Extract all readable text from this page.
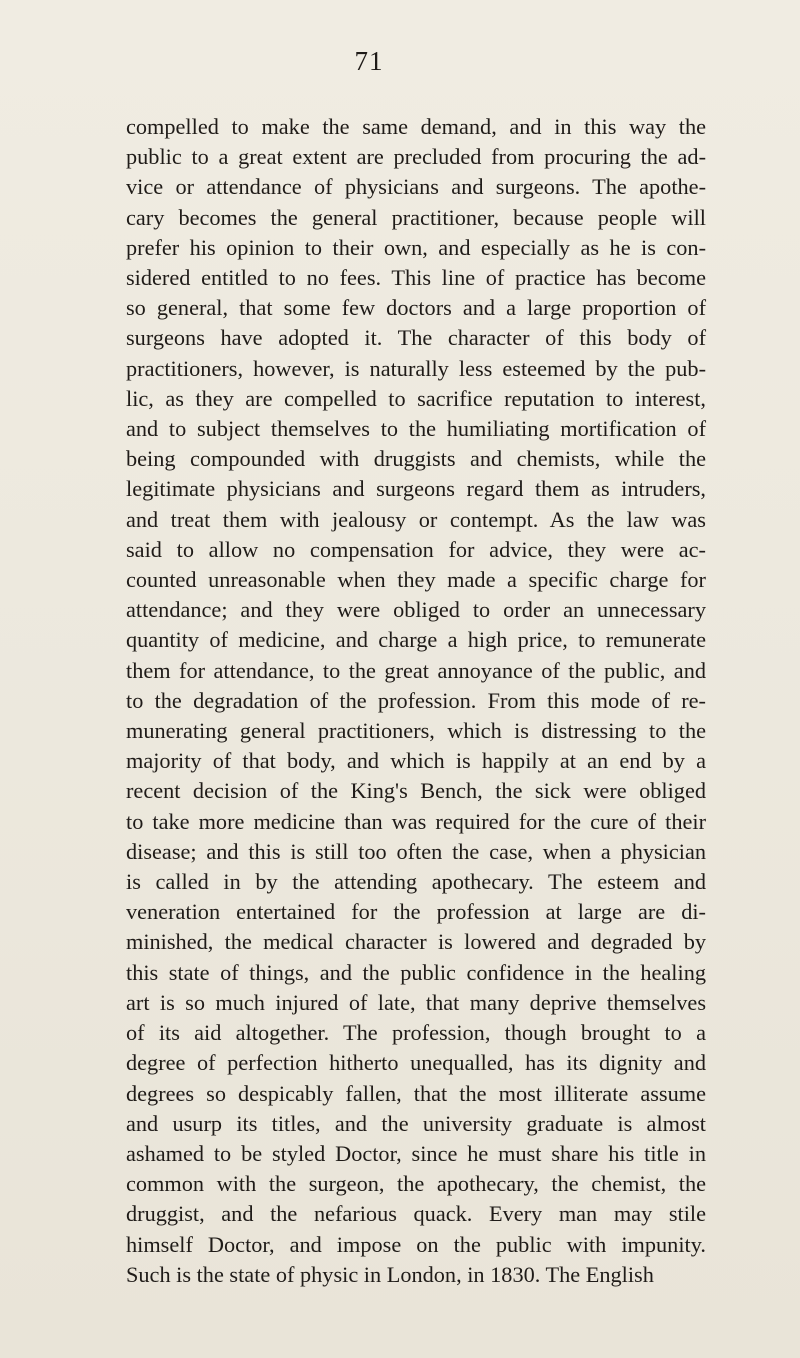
71
compelled to make the same demand, and in this way the
public to a great extent are precluded from procuring the ad-
vice or attendance of physicians and surgeons. The apothe-
cary becomes the general practitioner, because people will
prefer his opinion to their own, and especially as he is con-
sidered entitled to no fees. This line of practice has become
so general, that some few doctors and a large proportion of
surgeons have adopted it. The character of this body of
practitioners, however, is naturally less esteemed by the pub-
lic, as they are compelled to sacrifice reputation to interest,
and to subject themselves to the humiliating mortification of
being compounded with druggists and chemists, while the
legitimate physicians and surgeons regard them as intruders,
and treat them with jealousy or contempt. As the law was
said to allow no compensation for advice, they were ac-
counted unreasonable when they made a specific charge for
attendance; and they were obliged to order an unnecessary
quantity of medicine, and charge a high price, to remunerate
them for attendance, to the great annoyance of the public, and
to the degradation of the profession. From this mode of re-
munerating general practitioners, which is distressing to the
majority of that body, and which is happily at an end by a
recent decision of the King's Bench, the sick were obliged
to take more medicine than was required for the cure of their
disease; and this is still too often the case, when a physician
is called in by the attending apothecary. The esteem and
veneration entertained for the profession at large are di-
minished, the medical character is lowered and degraded by
this state of things, and the public confidence in the healing
art is so much injured of late, that many deprive themselves
of its aid altogether. The profession, though brought to a
degree of perfection hitherto unequalled, has its dignity and
degrees so despicably fallen, that the most illiterate assume
and usurp its titles, and the university graduate is almost
ashamed to be styled Doctor, since he must share his title in
common with the surgeon, the apothecary, the chemist, the
druggist, and the nefarious quack. Every man may stile
himself Doctor, and impose on the public with impunity.
Such is the state of physic in London, in 1830. The English
